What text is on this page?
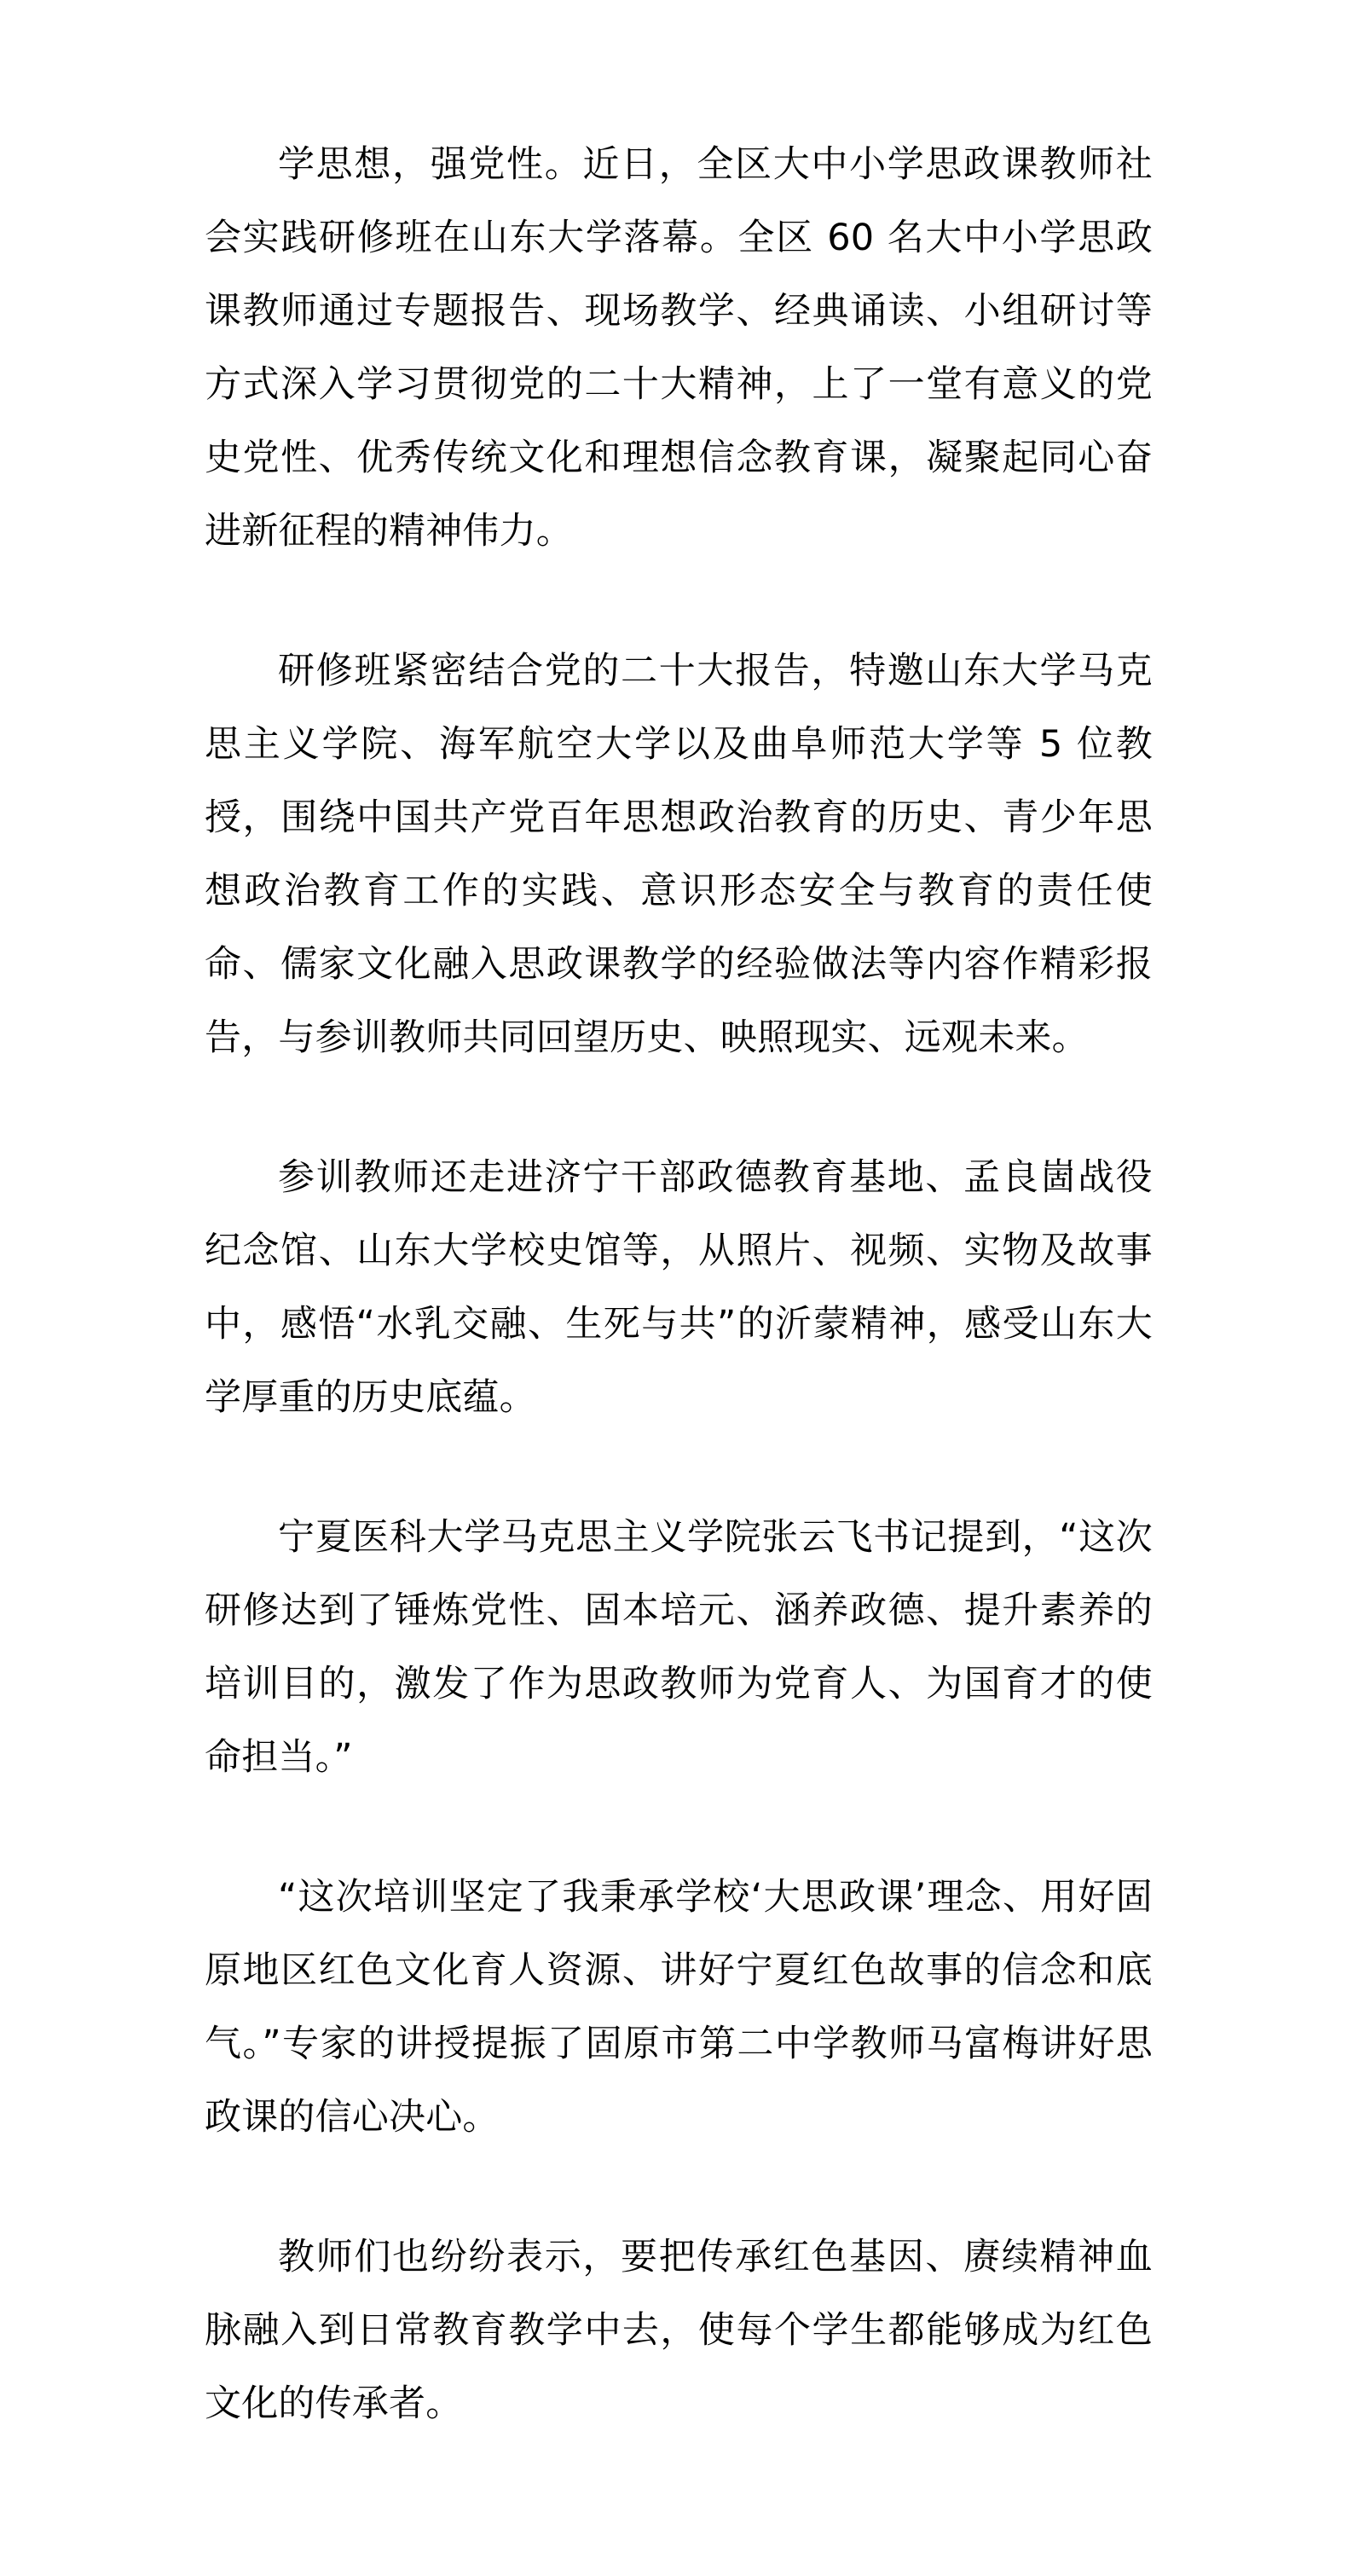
学思想，强党性。近日，全区大中小学思政课教师社会实践研修班在山东大学落幕。全区 60 名大中小学思政课教师通过专题报告、现场教学、经典诵读、小组研讨等方式深入学习贯彻党的二十大精神，上了一堂有意义的党史党性、优秀传统文化和理想信念教育课，凝聚起同心奋进新征程的精神伟力。

研修班紧密结合党的二十大报告，特邀山东大学马克思主义学院、海军航空大学以及曲阜师范大学等 5 位教授，围绕中国共产党百年思想政治教育的历史、青少年思想政治教育工作的实践、意识形态安全与教育的责任使命、儒家文化融入思政课教学的经验做法等内容作精彩报告，与参训教师共同回望历史、映照现实、远观未来。

参训教师还走进济宁干部政德教育基地、孟良崮战役纪念馆、山东大学校史馆等，从照片、视频、实物及故事中，感悟“水乳交融、生死与共”的沂蒙精神，感受山东大学厚重的历史底蕴。

宁夏医科大学马克思主义学院张云飞书记提到，“这次研修达到了锤炼党性、固本培元、涵养政德、提升素养的培训目的，激发了作为思政教师为党育人、为国育才的使命担当。”

“这次培训坚定了我秉承学校‘大思政课’理念、用好固原地区红色文化育人资源、讲好宁夏红色故事的信念和底气。”专家的讲授提振了固原市第二中学教师马富梅讲好思政课的信心决心。

教师们也纷纷表示，要把传承红色基因、赓续精神血脉融入到日常教育教学中去，使每个学生都能够成为红色文化的传承者。
